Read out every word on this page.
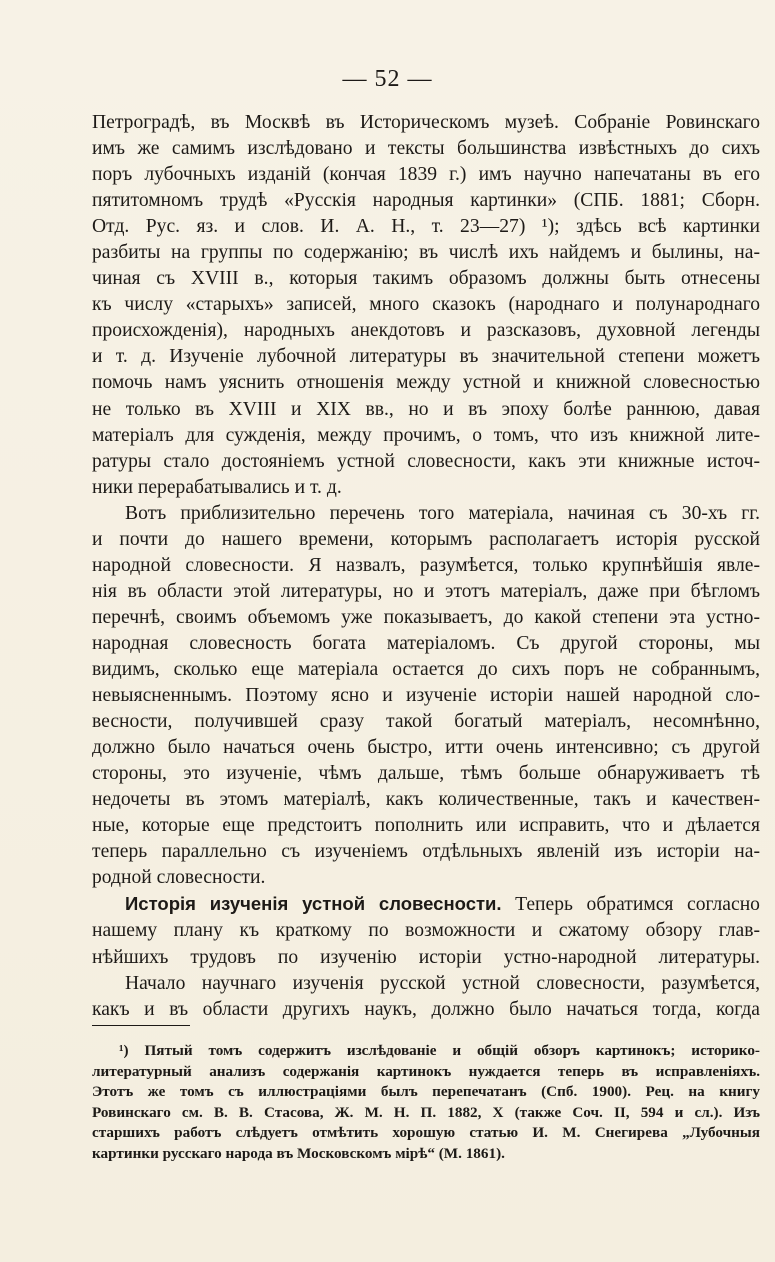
— 52 —
Петроградѣ, въ Москвѣ въ Историческомъ музеѣ. Собраніе Ровинскаго
имъ же самимъ изслѣдовано и тексты большинства извѣстныхъ до сихъ
поръ лубочныхъ изданій (кончая 1839 г.) имъ научно напечатаны въ его
пятитомномъ трудѣ «Русскія народныя картинки» (СПБ. 1881; Сборн.
Отд. Рус. яз. и слов. И. А. Н., т. 23—27) ¹); здѣсь всѣ картинки
разбиты на группы по содержанію; въ числѣ ихъ найдемъ и былины, на-
чиная съ XVIII в., которыя такимъ образомъ должны быть отнесены
къ числу «старыхъ» записей, много сказокъ (народнаго и полународнаго
происхожденія), народныхъ анекдотовъ и разсказовъ, духовной легенды
и т. д. Изученіе лубочной литературы въ значительной степени можетъ
помочь намъ уяснить отношенія между устной и книжной словесностью
не только въ XVIII и XIX вв., но и въ эпоху болѣе раннюю, давая
матеріалъ для сужденія, между прочимъ, о томъ, что изъ книжной лите-
ратуры стало достояніемъ устной словесности, какъ эти книжные источ-
ники перерабатывались и т. д.
Вотъ приблизительно перечень того матеріала, начиная съ 30-хъ гг.
и почти до нашего времени, которымъ располагаетъ исторія русской
народной словесности. Я назвалъ, разумѣется, только крупнѣйшія явле-
нія въ области этой литературы, но и этотъ матеріалъ, даже при бѣгломъ
перечнѣ, своимъ объемомъ уже показываетъ, до какой степени эта устно-
народная словесность богата матеріаломъ. Съ другой стороны, мы
видимъ, сколько еще матеріала остается до сихъ поръ не собраннымъ,
невыясненнымъ. Поэтому ясно и изученіе исторіи нашей народной сло-
весности, получившей сразу такой богатый матеріалъ, несомнѣнно,
должно было начаться очень быстро, итти очень интенсивно; съ другой
стороны, это изученіе, чѣмъ дальше, тѣмъ больше обнаруживаетъ тѣ
недочеты въ этомъ матеріалѣ, какъ количественные, такъ и качествен-
ные, которые еще предстоитъ пополнить или исправить, что и дѣлается
теперь параллельно съ изученіемъ отдѣльныхъ явленій изъ исторіи на-
родной словесности.
Исторія изученія устной словесности. Теперь обратимся согласно
нашему плану къ краткому по возможности и сжатому обзору глав-
нѣйшихъ трудовъ по изученію исторіи устно-народной литературы.
Начало научнаго изученія русской устной словесности, разумѣется,
какъ и въ области другихъ наукъ, должно было начаться тогда, когда
¹) Пятый томъ содержитъ изслѣдованіе и общій обзоръ картинокъ; историко-
литературный анализъ содержанія картинокъ нуждается теперь въ исправленіяхъ.
Этотъ же томъ съ иллюстраціями былъ перепечатанъ (Спб. 1900). Рец. на книгу
Ровинскаго см. В. В. Стасова, Ж. М. Н. П. 1882, X (также Соч. II, 594 и сл.). Изъ
старшихъ работъ слѣдуетъ отмѣтить хорошую статью И. М. Снегирева „Лубочныя
картинки русскаго народа въ Московскомъ мірѣ“ (М. 1861).
